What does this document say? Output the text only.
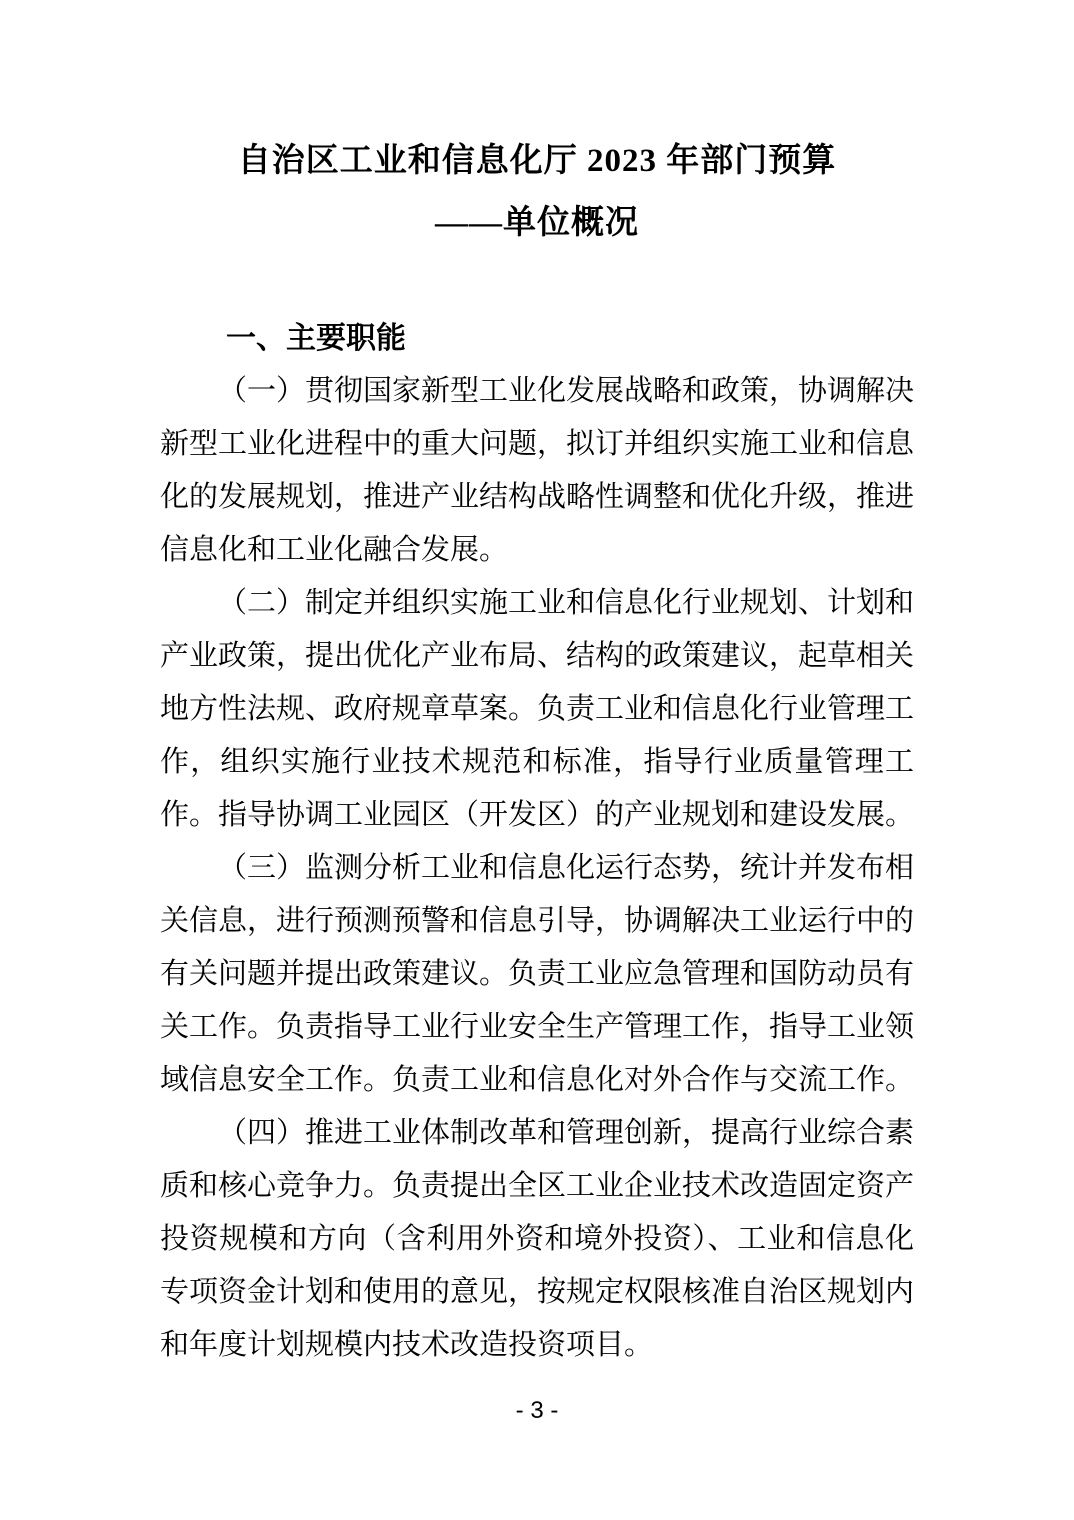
自治区工业和信息化厅 2023 年部门预算
——单位概况
一、主要职能

（一）贯彻国家新型工业化发展战略和政策，协调解决新型工业化进程中的重大问题，拟订并组织实施工业和信息化的发展规划，推进产业结构战略性调整和优化升级，推进信息化和工业化融合发展。

（二）制定并组织实施工业和信息化行业规划、计划和产业政策，提出优化产业布局、结构的政策建议，起草相关地方性法规、政府规章草案。负责工业和信息化行业管理工作，组织实施行业技术规范和标准，指导行业质量管理工作。指导协调工业园区（开发区）的产业规划和建设发展。

（三）监测分析工业和信息化运行态势，统计并发布相关信息，进行预测预警和信息引导，协调解决工业运行中的有关问题并提出政策建议。负责工业应急管理和国防动员有关工作。负责指导工业行业安全生产管理工作，指导工业领域信息安全工作。负责工业和信息化对外合作与交流工作。

（四）推进工业体制改革和管理创新，提高行业综合素质和核心竞争力。负责提出全区工业企业技术改造固定资产投资规模和方向（含利用外资和境外投资）、工业和信息化专项资金计划和使用的意见，按规定权限核准自治区规划内和年度计划规模内技术改造投资项目。

- 3 -
